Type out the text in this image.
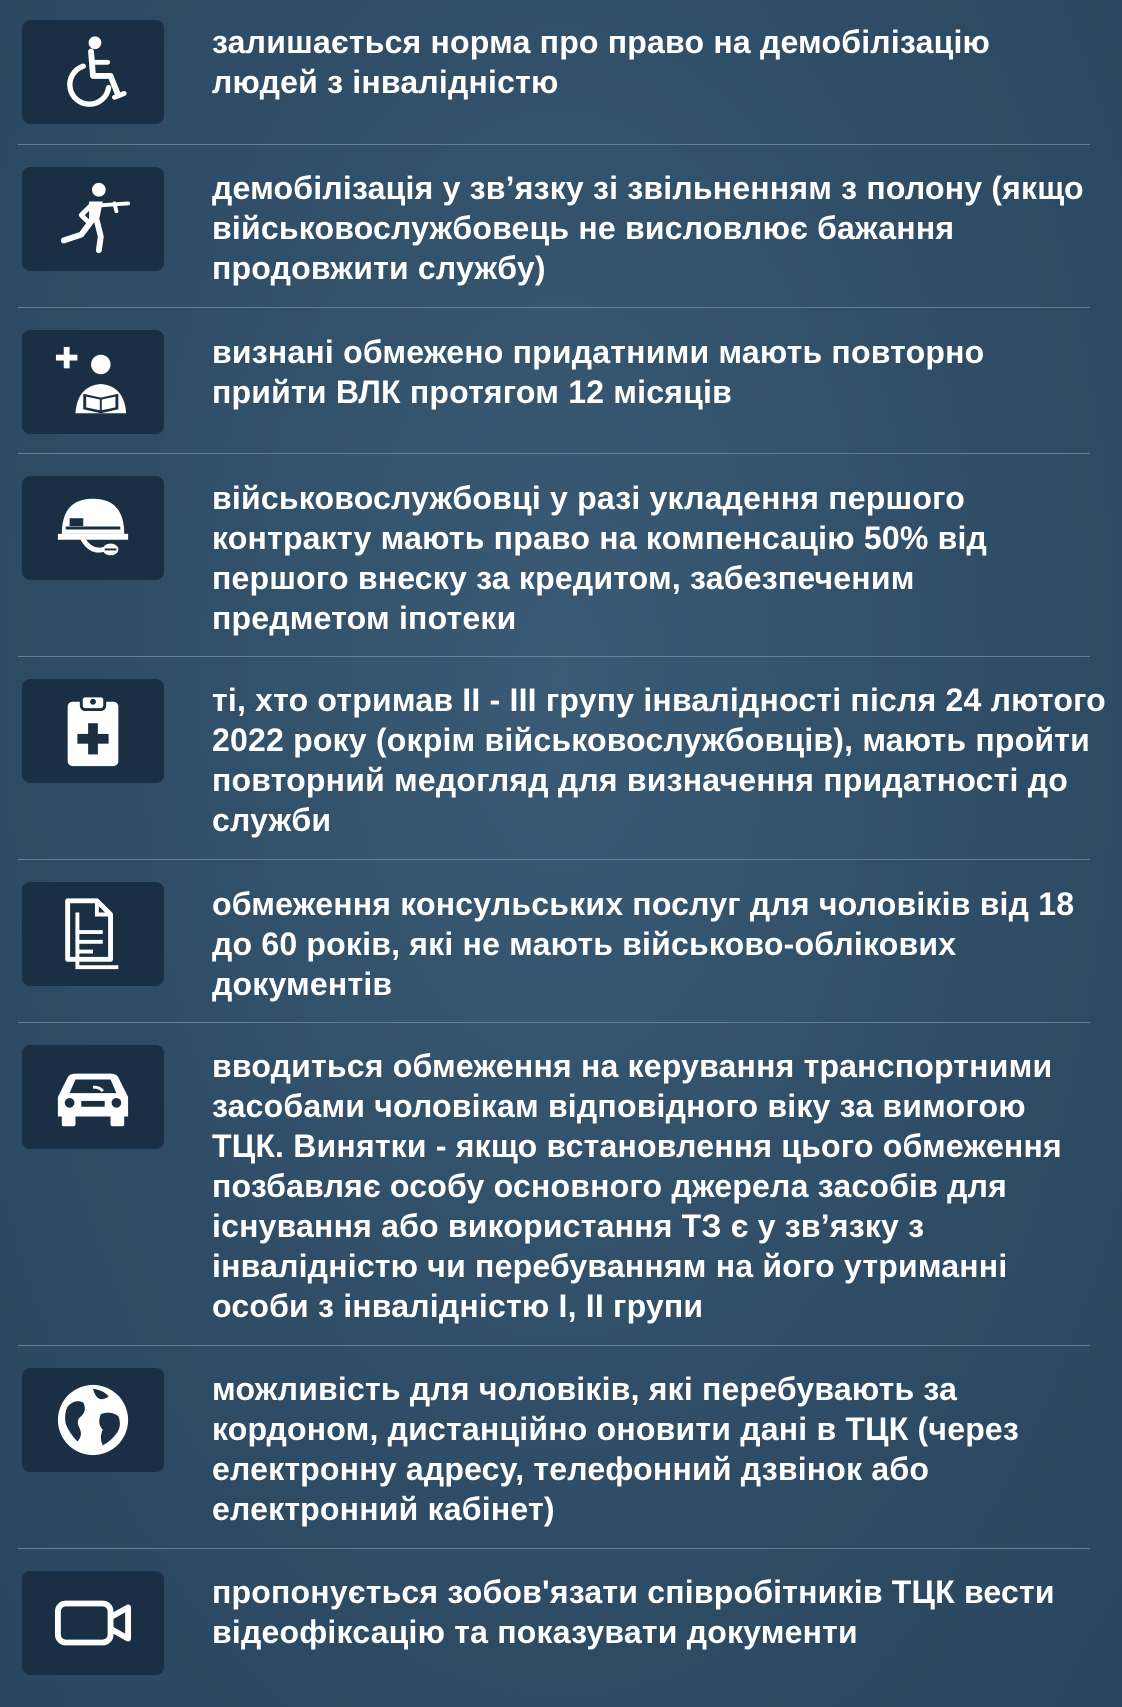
залишається норма про право на демобілізацію
людей з інвалідністю
демобілізація у зв’язку зі звільненням з полону (якщо
військовослужбовець не висловлює бажання
продовжити службу)
визнані обмежено придатними мають повторно
прийти ВЛК протягом 12 місяців
військовослужбовці у разі укладення першого
контракту мають право на компенсацію 50% від
першого внеску за кредитом, забезпеченим
предметом іпотеки
ті, хто отримав ІІ - ІІІ групу інвалідності після 24 лютого
2022 року (окрім військовослужбовців), мають пройти
повторний медогляд для визначення придатності до
служби
обмеження консульських послуг для чоловіків від 18
до 60 років, які не мають військово-облікових
документів
вводиться обмеження на керування транспортними
засобами чоловікам відповідного віку за вимогою
ТЦК. Винятки - якщо встановлення цього обмеження
позбавляє особу основного джерела засобів для
існування або використання ТЗ є у зв’язку з
інвалідністю чи перебуванням на його утриманні
особи з інвалідністю І, ІІ групи
можливість для чоловіків, які перебувають за
кордоном, дистанційно оновити дані в ТЦК (через
електронну адресу, телефонний дзвінок або
електронний кабінет)
пропонується зобов'язати співробітників ТЦК вести
відеофіксацію та показувати документи
